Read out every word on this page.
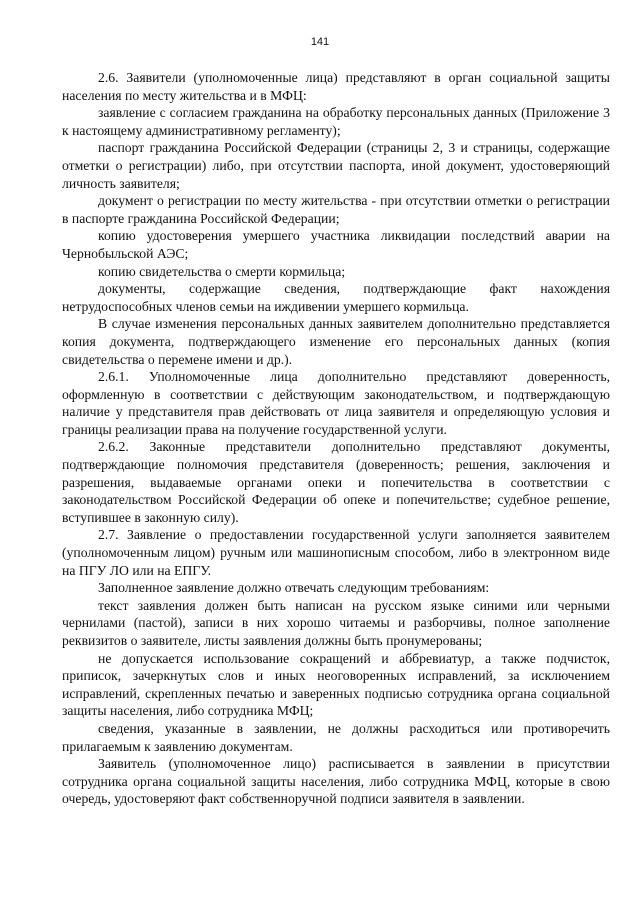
141

2.6. Заявители (уполномоченные лица) представляют в орган социальной защиты населения по месту жительства и в МФЦ:

заявление с согласием гражданина на обработку персональных данных (Приложение 3 к настоящему административному регламенту);

паспорт гражданина Российской Федерации (страницы 2, 3 и страницы, содержащие отметки о регистрации) либо, при отсутствии паспорта, иной документ, удостоверяющий личность заявителя;

документ о регистрации по месту жительства - при отсутствии отметки о регистрации в паспорте гражданина Российской Федерации;

копию удостоверения умершего участника ликвидации последствий аварии на Чернобыльской АЭС;

копию свидетельства о смерти кормильца;

документы, содержащие сведения, подтверждающие факт нахождения нетрудоспособных членов семьи на иждивении умершего кормильца.

В случае изменения персональных данных заявителем дополнительно представляется копия документа, подтверждающего изменение его персональных данных (копия свидетельства о перемене имени и др.).

2.6.1. Уполномоченные лица дополнительно представляют доверенность, оформленную в соответствии с действующим законодательством, и подтверждающую наличие у представителя прав действовать от лица заявителя и определяющую условия и границы реализации права на получение государственной услуги.

2.6.2. Законные представители дополнительно представляют документы, подтверждающие полномочия представителя (доверенность; решения, заключения и разрешения, выдаваемые органами опеки и попечительства в соответствии с законодательством Российской Федерации об опеке и попечительстве; судебное решение, вступившее в законную силу).

2.7. Заявление о предоставлении государственной услуги заполняется заявителем (уполномоченным лицом) ручным или машинописным способом, либо в электронном виде на ПГУ ЛО или на ЕПГУ.

Заполненное заявление должно отвечать следующим требованиям:

текст заявления должен быть написан на русском языке синими или черными чернилами (пастой), записи в них хорошо читаемы и разборчивы, полное заполнение реквизитов о заявителе, листы заявления должны быть пронумерованы;

не допускается использование сокращений и аббревиатур, а также подчисток, приписок, зачеркнутых слов и иных неоговоренных исправлений, за исключением исправлений, скрепленных печатью и заверенных подписью сотрудника органа социальной защиты населения, либо сотрудника МФЦ;

сведения, указанные в заявлении, не должны расходиться или противоречить прилагаемым к заявлению документам.

Заявитель (уполномоченное лицо) расписывается в заявлении в присутствии сотрудника органа социальной защиты населения, либо сотрудника МФЦ, которые в свою очередь, удостоверяют факт собственноручной подписи заявителя в заявлении.
